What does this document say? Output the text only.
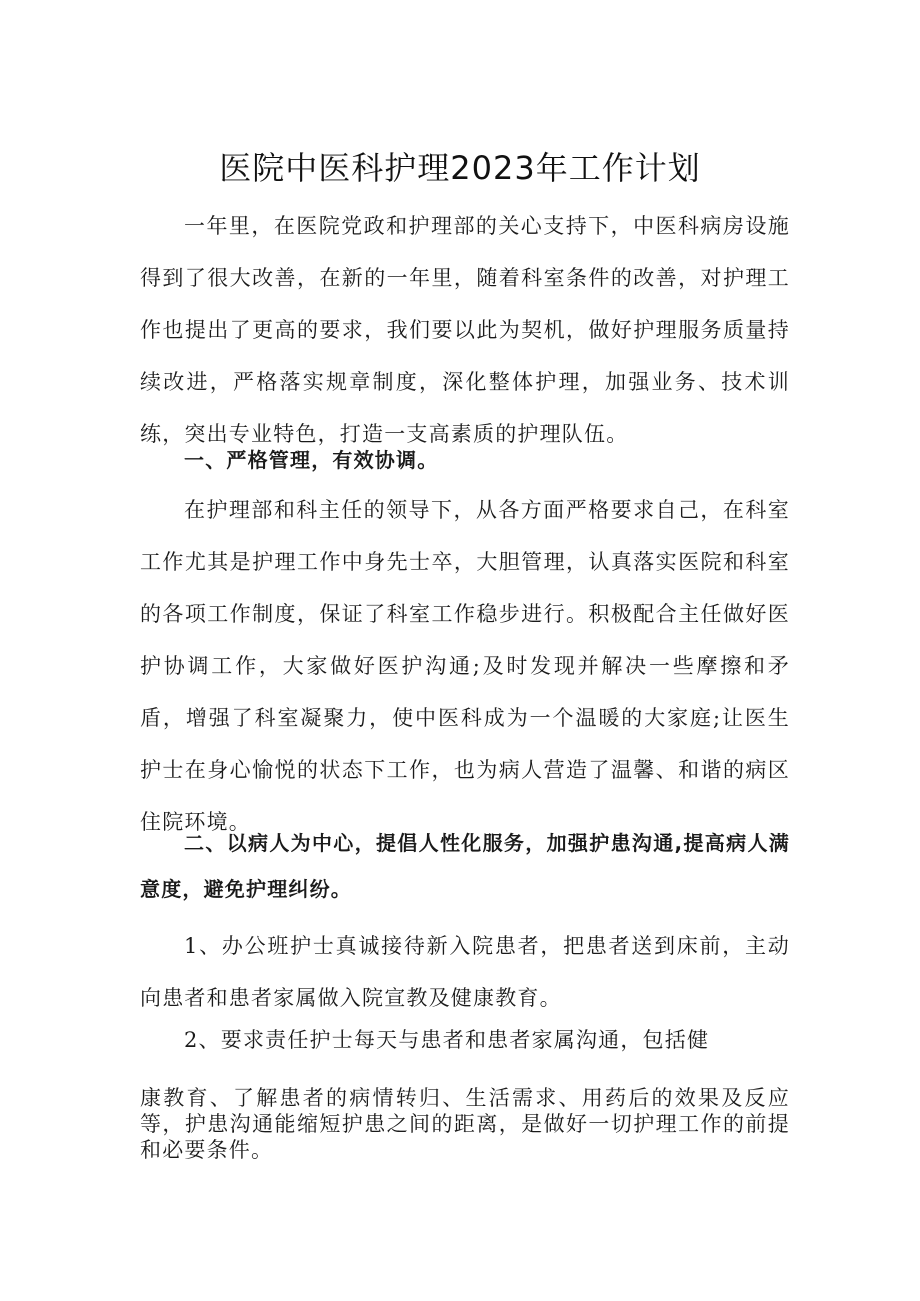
医院中医科护理2023年工作计划

一年里，在医院党政和护理部的关心支持下，中医科病房设施得到了很大改善，在新的一年里，随着科室条件的改善，对护理工作也提出了更高的要求，我们要以此为契机，做好护理服务质量持续改进，严格落实规章制度，深化整体护理，加强业务、技术训练，突出专业特色，打造一支高素质的护理队伍。

一、严格管理，有效协调。

在护理部和科主任的领导下，从各方面严格要求自己，在科室工作尤其是护理工作中身先士卒，大胆管理，认真落实医院和科室的各项工作制度，保证了科室工作稳步进行。积极配合主任做好医护协调工作，大家做好医护沟通;及时发现并解决一些摩擦和矛盾，增强了科室凝聚力，使中医科成为一个温暖的大家庭;让医生护士在身心愉悦的状态下工作，也为病人营造了温馨、和谐的病区住院环境。

二、以病人为中心，提倡人性化服务，加强护患沟通,提高病人满意度，避免护理纠纷。

1、办公班护士真诚接待新入院患者，把患者送到床前，主动向患者和患者家属做入院宣教及健康教育。

2、要求责任护士每天与患者和患者家属沟通，包括健

康教育、了解患者的病情转归、生活需求、用药后的效果及反应等，护患沟通能缩短护患之间的距离，是做好一切护理工作的前提和必要条件。
